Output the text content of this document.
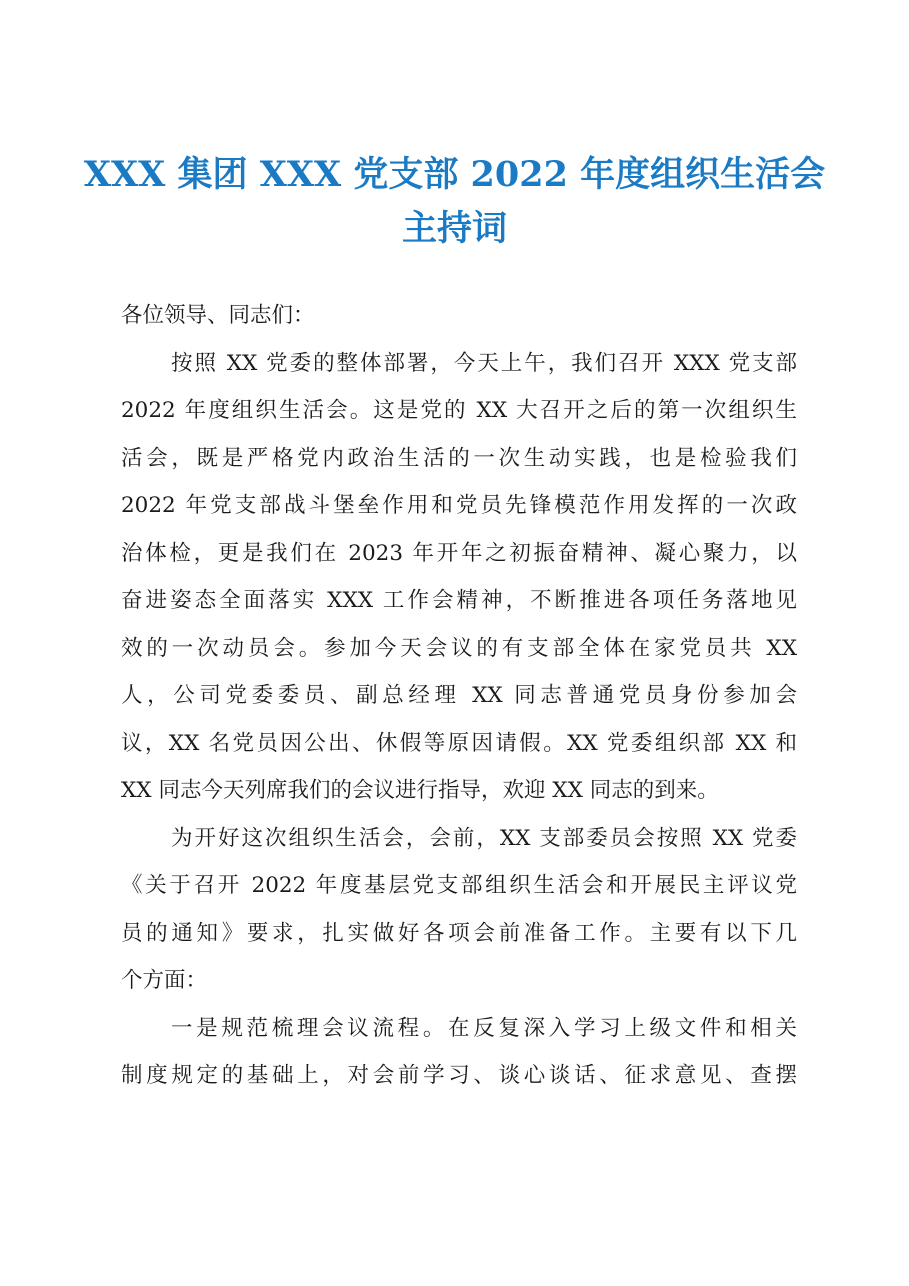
XXX 集团 XXX 党支部 2022 年度组织生活会
主持词
各位领导、同志们：
按照 XX 党委的整体部署，今天上午，我们召开 XXX 党支部
2022 年度组织生活会。这是党的 XX 大召开之后的第一次组织生
活会，既是严格党内政治生活的一次生动实践，也是检验我们
2022 年党支部战斗堡垒作用和党员先锋模范作用发挥的一次政
治体检，更是我们在 2023 年开年之初振奋精神、凝心聚力，以
奋进姿态全面落实 XXX 工作会精神，不断推进各项任务落地见
效的一次动员会。参加今天会议的有支部全体在家党员共 XX
人，公司党委委员、副总经理 XX 同志普通党员身份参加会
议，XX 名党员因公出、休假等原因请假。XX 党委组织部 XX 和
XX 同志今天列席我们的会议进行指导，欢迎 XX 同志的到来。
为开好这次组织生活会，会前，XX 支部委员会按照 XX 党委
《关于召开 2022 年度基层党支部组织生活会和开展民主评议党
员的通知》要求，扎实做好各项会前准备工作。主要有以下几
个方面：
一是规范梳理会议流程。在反复深入学习上级文件和相关
制度规定的基础上，对会前学习、谈心谈话、征求意见、查摆
